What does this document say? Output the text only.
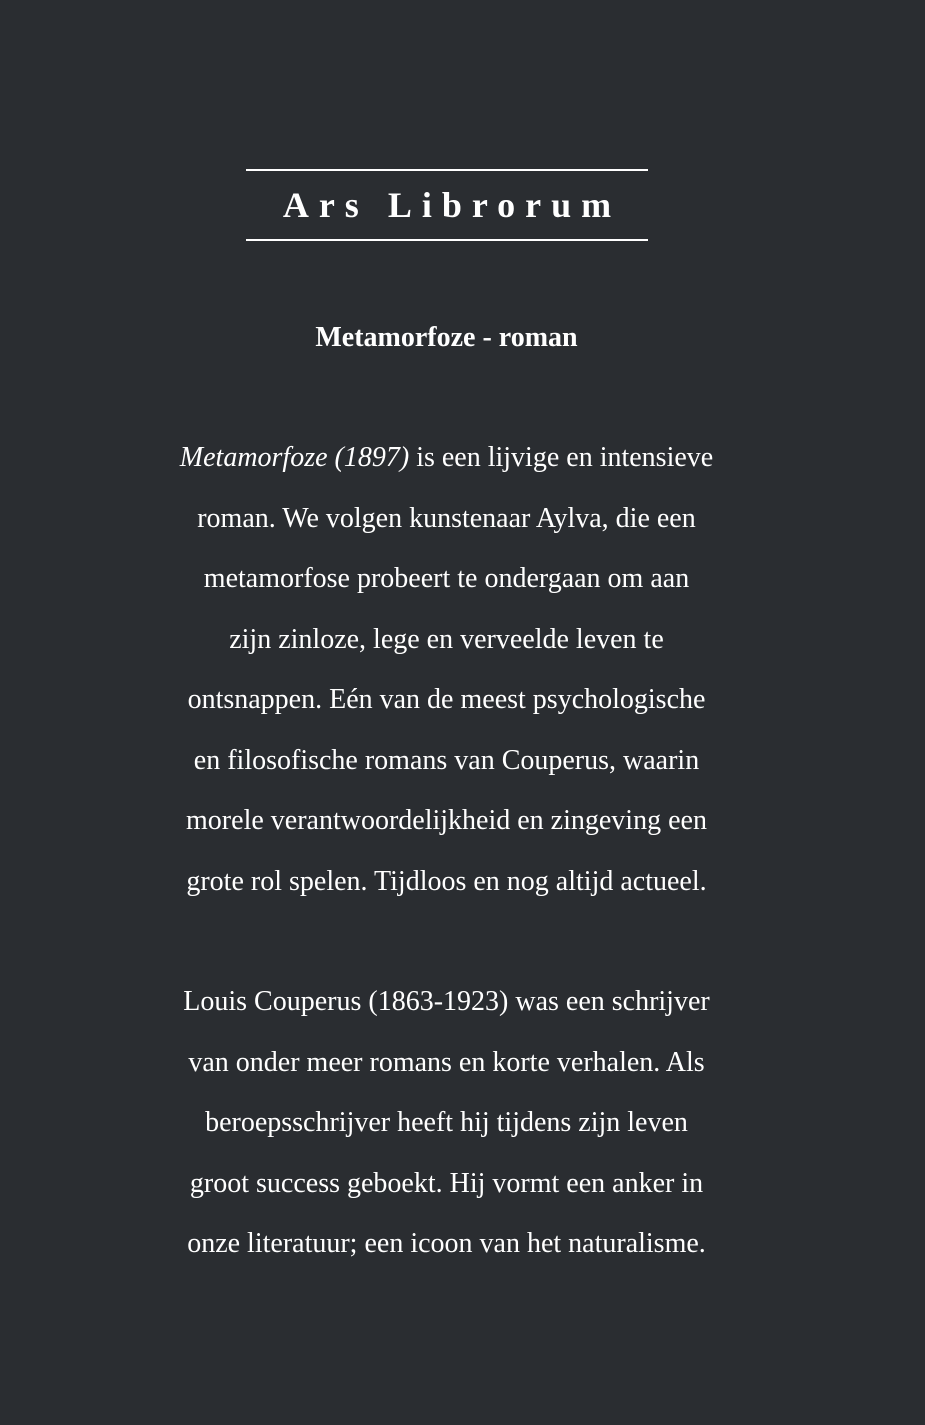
Ars Librorum
Metamorfoze - roman
Metamorfoze (1897) is een lijvige en intensieve
roman. We volgen kunstenaar Aylva, die een
metamorfose probeert te ondergaan om aan
zijn zinloze, lege en verveelde leven te
ontsnappen. Eén van de meest psychologische
en filosofische romans van Couperus, waarin
morele verantwoordelijkheid en zingeving een
grote rol spelen. Tijdloos en nog altijd actueel.
Louis Couperus (1863-1923) was een schrijver
van onder meer romans en korte verhalen. Als
beroepsschrijver heeft hij tijdens zijn leven
groot success geboekt. Hij vormt een anker in
onze literatuur; een icoon van het naturalisme.
